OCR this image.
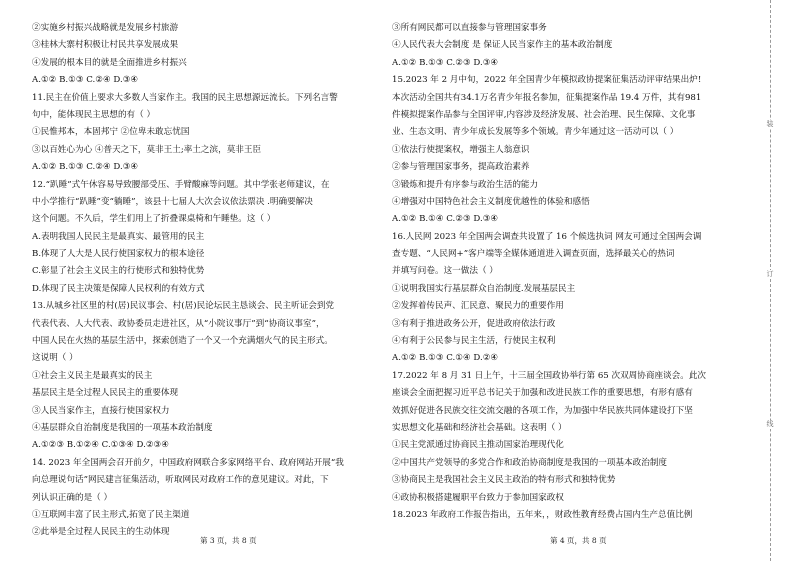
②实施乡村振兴战略就是发展乡村旅游
③桂林大寨村积极让村民共享发展成果
④发展的根本目的就是全面推进乡村振兴
A.①② B.①③ C.②④ D.③④
11.民主在价值上要求大多数人当家作主。我国的民主思想源远流长。下列名言警
句中，能体现民主思想的有（ ）
①民惟邦本，本固邦宁 ②位卑未敢忘忧国
③以百姓心为心 ④普天之下，莫非王土;率土之滨，莫非王臣
A.①② B.①③ C.②④ D.③④
12.“趴睡”式午休容易导致腰部受压、手臂酸麻等问题。其中学张老师建议，在
中小学推行“趴睡”变“躺睡”，该县十七届人大次会议依法票决 .明确要解决
这个问题。不久后，学生们用上了折叠课桌椅和午睡垫。这（ ）
A.表明我国人民民主是最真实、最管用的民主
B.体现了人大是人民行使国家权力的根本途径
C.彰显了社会主义民主的行使形式和独特优势
D.体现了民主决策是保障人民权利的有效方式
13.从城乡社区里的村(居)民议事会、村(居)民论坛民主恳谈会、民主听证会到党
代表代表、人大代表、政协委员走进社区，从“小院议事厅”到“协商议事室”，
中国人民在火热的基层生活中，探索创造了一个又一个充满烟火气的民主形式。
这说明（ ）
①社会主义民主是最真实的民主
基层民主是全过程人民民主的重要体现
③人民当家作主，直接行使国家权力
④基层群众自治制度是我国的一项基本政治制度
A.①②③ B.①②④ C.①③④ D.②③④
14. 2023 年全国两会召开前夕，中国政府网联合多家网络平台、政府网站开展“我
向总理说句话”网民建言征集活动，听取网民对政府工作的意见建议。对此，下
列认识正确的是（ ）
①互联网丰富了民主形式,拓宽了民主渠道
②此举是全过程人民民主的生动体现
③所有网民都可以直接参与管理国家事务
④人民代表大会制度 是 保证人民当家作主的基本政治制度
A.①② B.①③ C.②③ D.③④
15.2023 年 2 月中旬，2022 年全国青少年模拟政协提案征集活动评审结果出炉!
本次活动全国共有34.1万名青少年报名参加，征集提案作品 19.4 万件，其有981
件模拟提案作品参与全国评审,内容涉及经济发展、社会治理、民生保障、文化事
业、生态文明、青少年成长发展等多个领域。青少年通过这一活动可以（ ）
①依法行使提案权，增强主人翁意识
②参与管理国家事务，提高政治素养
③锻炼和提升有序参与政治生活的能力
④增强对中国特色社会主义制度优越性的体验和感悟
A.①② B.①④ C.②③ D.③④
16.人民网 2023 年全国两会调查共设置了 16 个候选执词 网友可通过全国两会调
查专题、“人民网+”客户端等全媒体通道进入调查页面，选择最关心的热词
并填写问卷。这一做法（ ）
①说明我国实行基层群众自治制度.发展基层民主
②发挥着传民声、汇民意、聚民力的重要作用
③有利于推进政务公开，促进政府依法行政
④有利于公民参与民主生活，行使民主权利
A.①② B.①③ C.①④ D.②④
17.2022 年 8 月 31 日上午，十三届全国政协举行第 65 次双周协商座谈会。此次
座谈会全面把握习近平总书记关于加强和改进民族工作的重要思想，有形有感有
效抓好促进各民族交往交流交融的各项工作，为加强中华民族共同体建设打下坚
实思想文化基础和经济社会基础。这表明（ ）
①民主党派通过协商民主推动国家治理现代化
②中国共产党领导的多党合作和政治协商制度是我国的一项基本政治制度
③协商民主是我国社会主义民主政治的特有形式和独特优势
④政协积极搭建履职平台致力于参加国家政权
18.2023 年政府工作报告指出，五年来，，财政性教育经费占国内生产总值比例
第 3 页，共 8 页	第 4 页，共 8 页
装
订
线
